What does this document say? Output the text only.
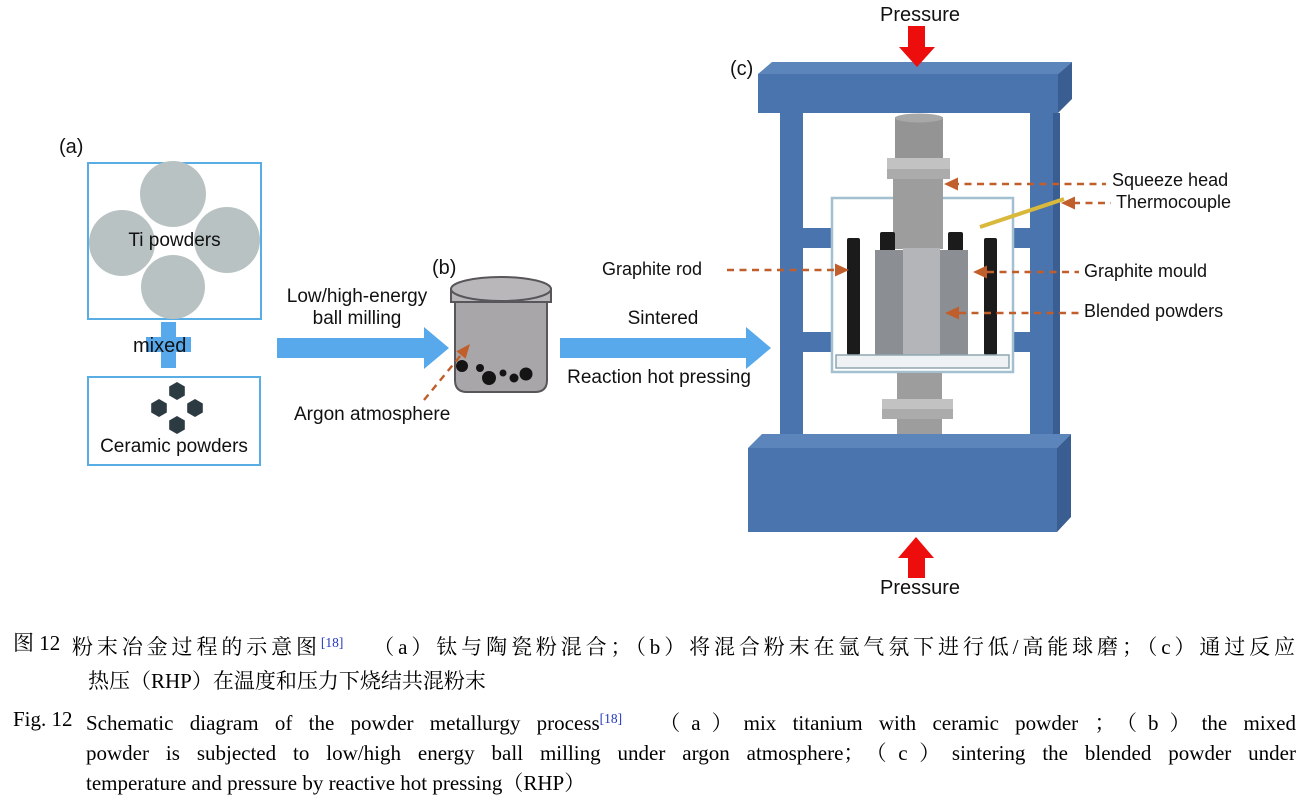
(a)
Ti powders
mixed
Ceramic powders
Low/high-energy
ball milling
(b)
Argon atmosphere
Sintered
Reaction hot pressing
(c)
Pressure
Pressure
Squeeze head
Thermocouple
Graphite rod	Graphite mould
Blended powders
图 12 粉末冶金过程的示意图[18] （a）钛与陶瓷粉混合；（b）将混合粉末在氩气氛下进行低/高能球磨；（c）通过反应
热压（RHP）在温度和压力下烧结共混粉末
Fig. 12 Schematic diagram of the powder metallurgy process[18] （a）mix titanium with ceramic powder ；（b）the mixed
powder is subjected to low/high energy ball milling under argon atmosphere；（c）sintering the blended powder under
temperature and pressure by reactive hot pressing（RHP）
